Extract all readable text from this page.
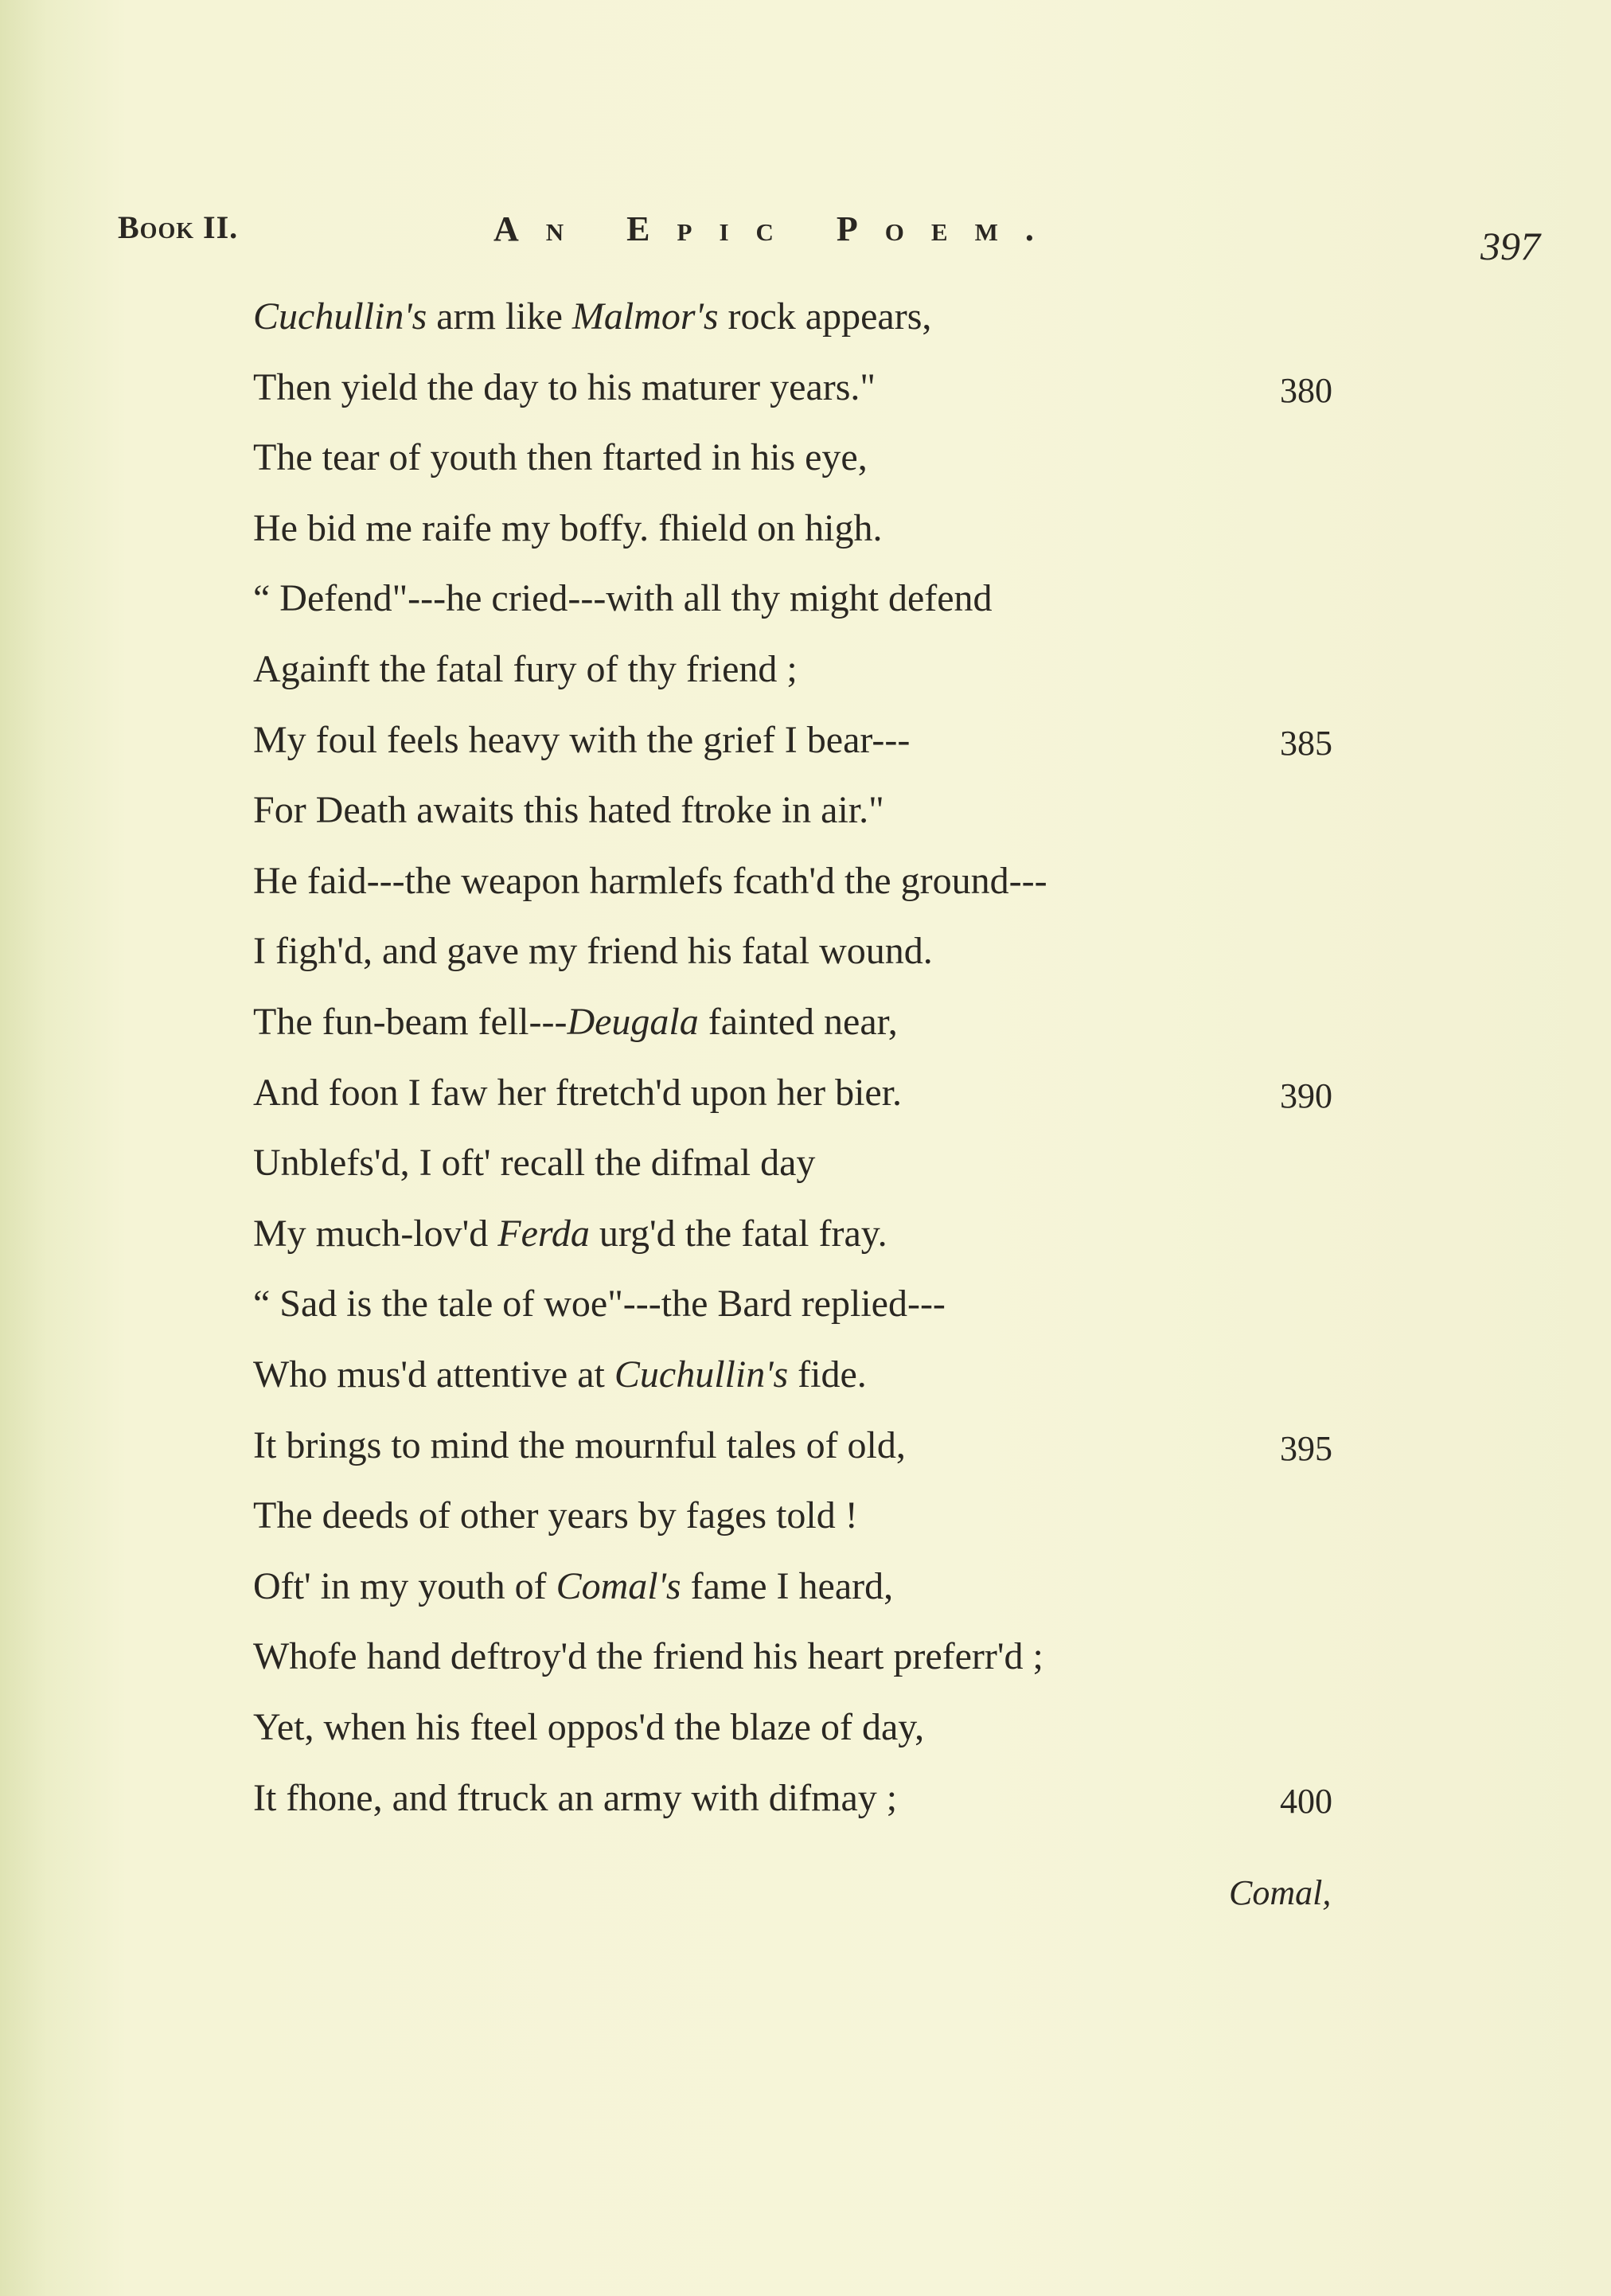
Book II.	An Epic Poem.	397
Cuchullin's arm like Malmor's rock appears,
Then yield the day to his maturer years."	380
The tear of youth then ftarted in his eye,
He bid me raife my boffy. fhield on high.
“ Defend"---he cried---with all thy might defend
Againft the fatal fury of thy friend ;
My foul feels heavy with the grief I bear---	385
For Death awaits this hated ftroke in air."
He faid---the weapon harmlefs fcath'd the ground---
I figh'd, and gave my friend his fatal wound.
The fun-beam fell---Deugala fainted near,
And foon I faw her ftretch'd upon her bier.	390
Unblefs'd, I oft' recall the difmal day
My much-lov'd Ferda urg'd the fatal fray.
“ Sad is the tale of woe"---the Bard replied---
Who mus'd attentive at Cuchullin's fide.
It brings to mind the mournful tales of old,	395
The deeds of other years by fages told !
Oft' in my youth of Comal's fame I heard,
Whofe hand deftroy'd the friend his heart preferr'd ;
Yet, when his fteel oppos'd the blaze of day,
It fhone, and ftruck an army with difmay ;	400
Comal,
